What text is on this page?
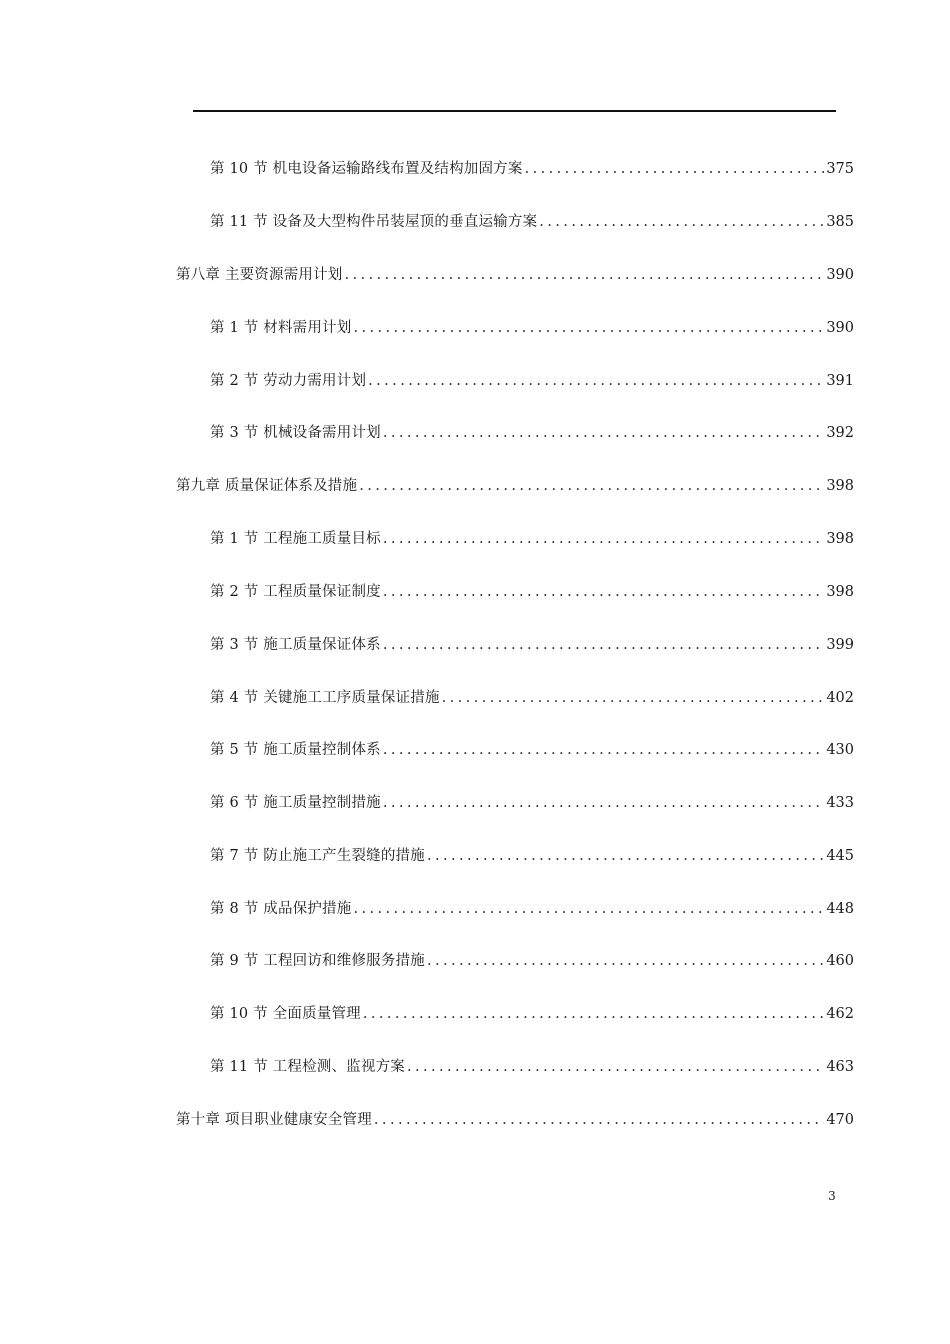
第 10 节 机电设备运输路线布置及结构加固方案 .....	375
第 11 节 设备及大型构件吊装屋顶的垂直运输方案 .....	385
第八章 主要资源需用计划 .....	390
第 1 节 材料需用计划 .....	390
第 2 节 劳动力需用计划 .....	391
第 3 节 机械设备需用计划 .....	392
第九章 质量保证体系及措施 .....	398
第 1 节 工程施工质量目标 .....	398
第 2 节 工程质量保证制度 .....	398
第 3 节 施工质量保证体系 .....	399
第 4 节 关键施工工序质量保证措施 .....	402
第 5 节 施工质量控制体系 .....	430
第 6 节 施工质量控制措施 .....	433
第 7 节 防止施工产生裂缝的措施 .....	445
第 8 节 成品保护措施 .....	448
第 9 节 工程回访和维修服务措施 .....	460
第 10 节 全面质量管理 .....	462
第 11 节 工程检测、监视方案 .....	463
第十章 项目职业健康安全管理 .....	470
3
